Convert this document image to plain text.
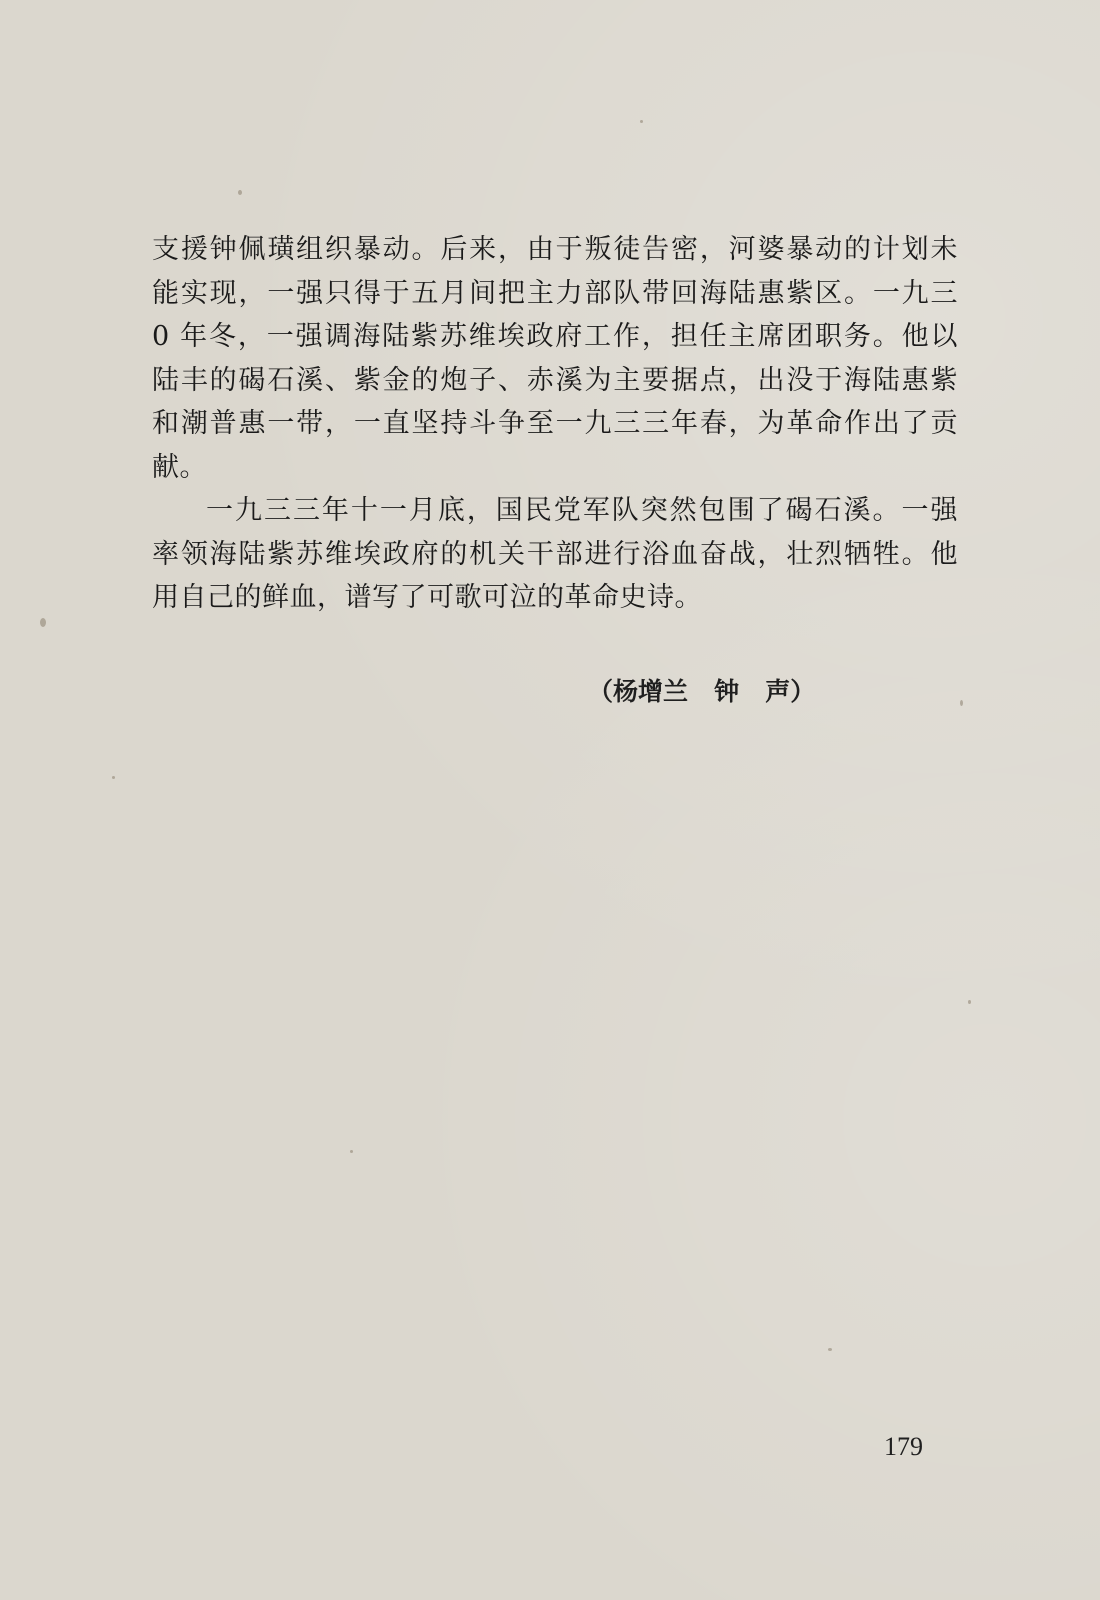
支援钟佩璜组织暴动。后来，由于叛徒告密，河婆暴动的计划未
能实现，一强只得于五月间把主力部队带回海陆惠紫区。一九三
0 年冬，一强调海陆紫苏维埃政府工作，担任主席团职务。他以
陆丰的碣石溪、紫金的炮子、赤溪为主要据点，出没于海陆惠紫
和潮普惠一带，一直坚持斗争至一九三三年春，为革命作出了贡
献。
一九三三年十一月底，国民党军队突然包围了碣石溪。一强
率领海陆紫苏维埃政府的机关干部进行浴血奋战，壮烈牺牲。他
用自己的鲜血，谱写了可歌可泣的革命史诗。
（杨增兰   钟   声）
179
